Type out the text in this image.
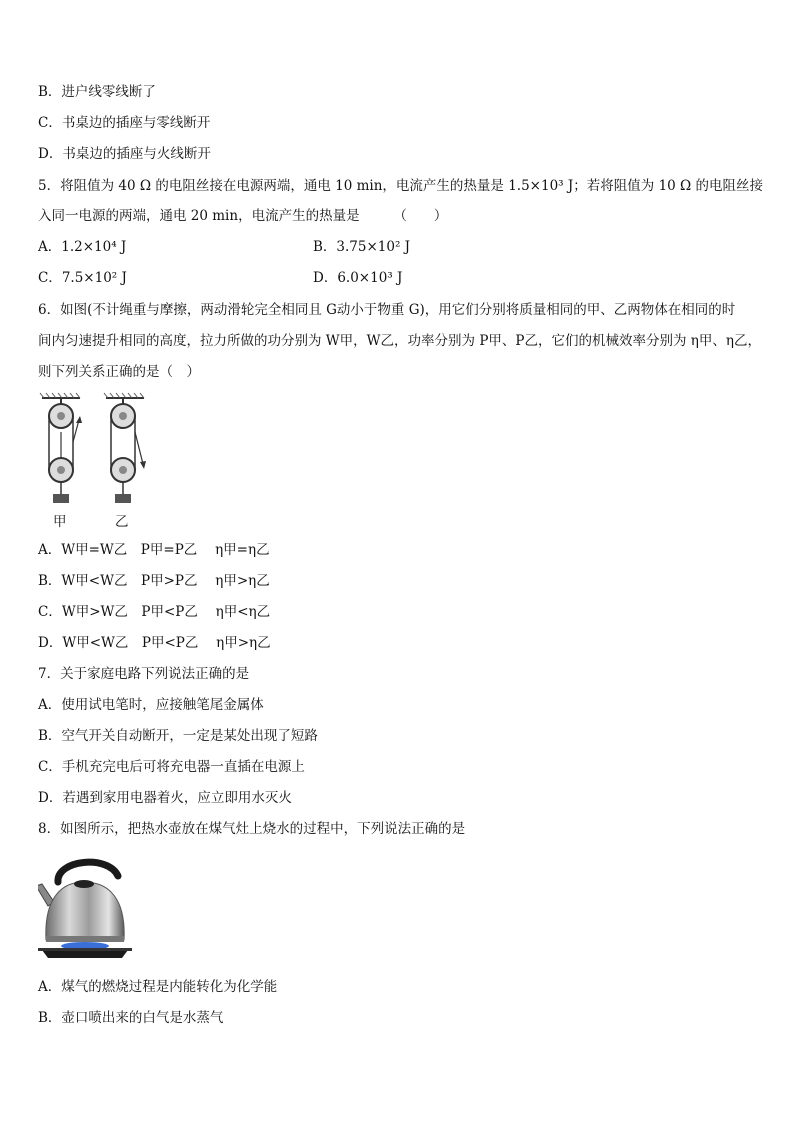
B．进户线零线断了
C．书桌边的插座与零线断开
D．书桌边的插座与火线断开
5．将阻值为 40 Ω 的电阻丝接在电源两端，通电 10 min，电流产生的热量是 1.5×10³ J；若将阻值为 10 Ω 的电阻丝接
入同一电源的两端，通电 20 min，电流产生的热量是　　　（　　）
A．1.2×10⁴ J	B．3.75×10² J
C．7.5×10² J	D．6.0×10³ J
6．如图(不计绳重与摩擦，两动滑轮完全相同且 G动小于物重 G)，用它们分别将质量相同的甲、乙两物体在相同的时
间内匀速提升相同的高度，拉力所做的功分别为 W甲，W乙，功率分别为 P甲、P乙，它们的机械效率分别为 η甲、η乙，
则下列关系正确的是（　）
甲	乙
A．W甲=W乙　P甲=P乙　 η甲=η乙
B．W甲<W乙　P甲>P乙　 η甲>η乙
C．W甲>W乙　P甲<P乙　 η甲<η乙
D．W甲<W乙　P甲<P乙　 η甲>η乙
7．关于家庭电路下列说法正确的是
A．使用试电笔时，应接触笔尾金属体
B．空气开关自动断开，一定是某处出现了短路
C．手机充完电后可将充电器一直插在电源上
D．若遇到家用电器着火，应立即用水灭火
8．如图所示，把热水壶放在煤气灶上烧水的过程中，下列说法正确的是
A．煤气的燃烧过程是内能转化为化学能
B．壶口喷出来的白气是水蒸气
